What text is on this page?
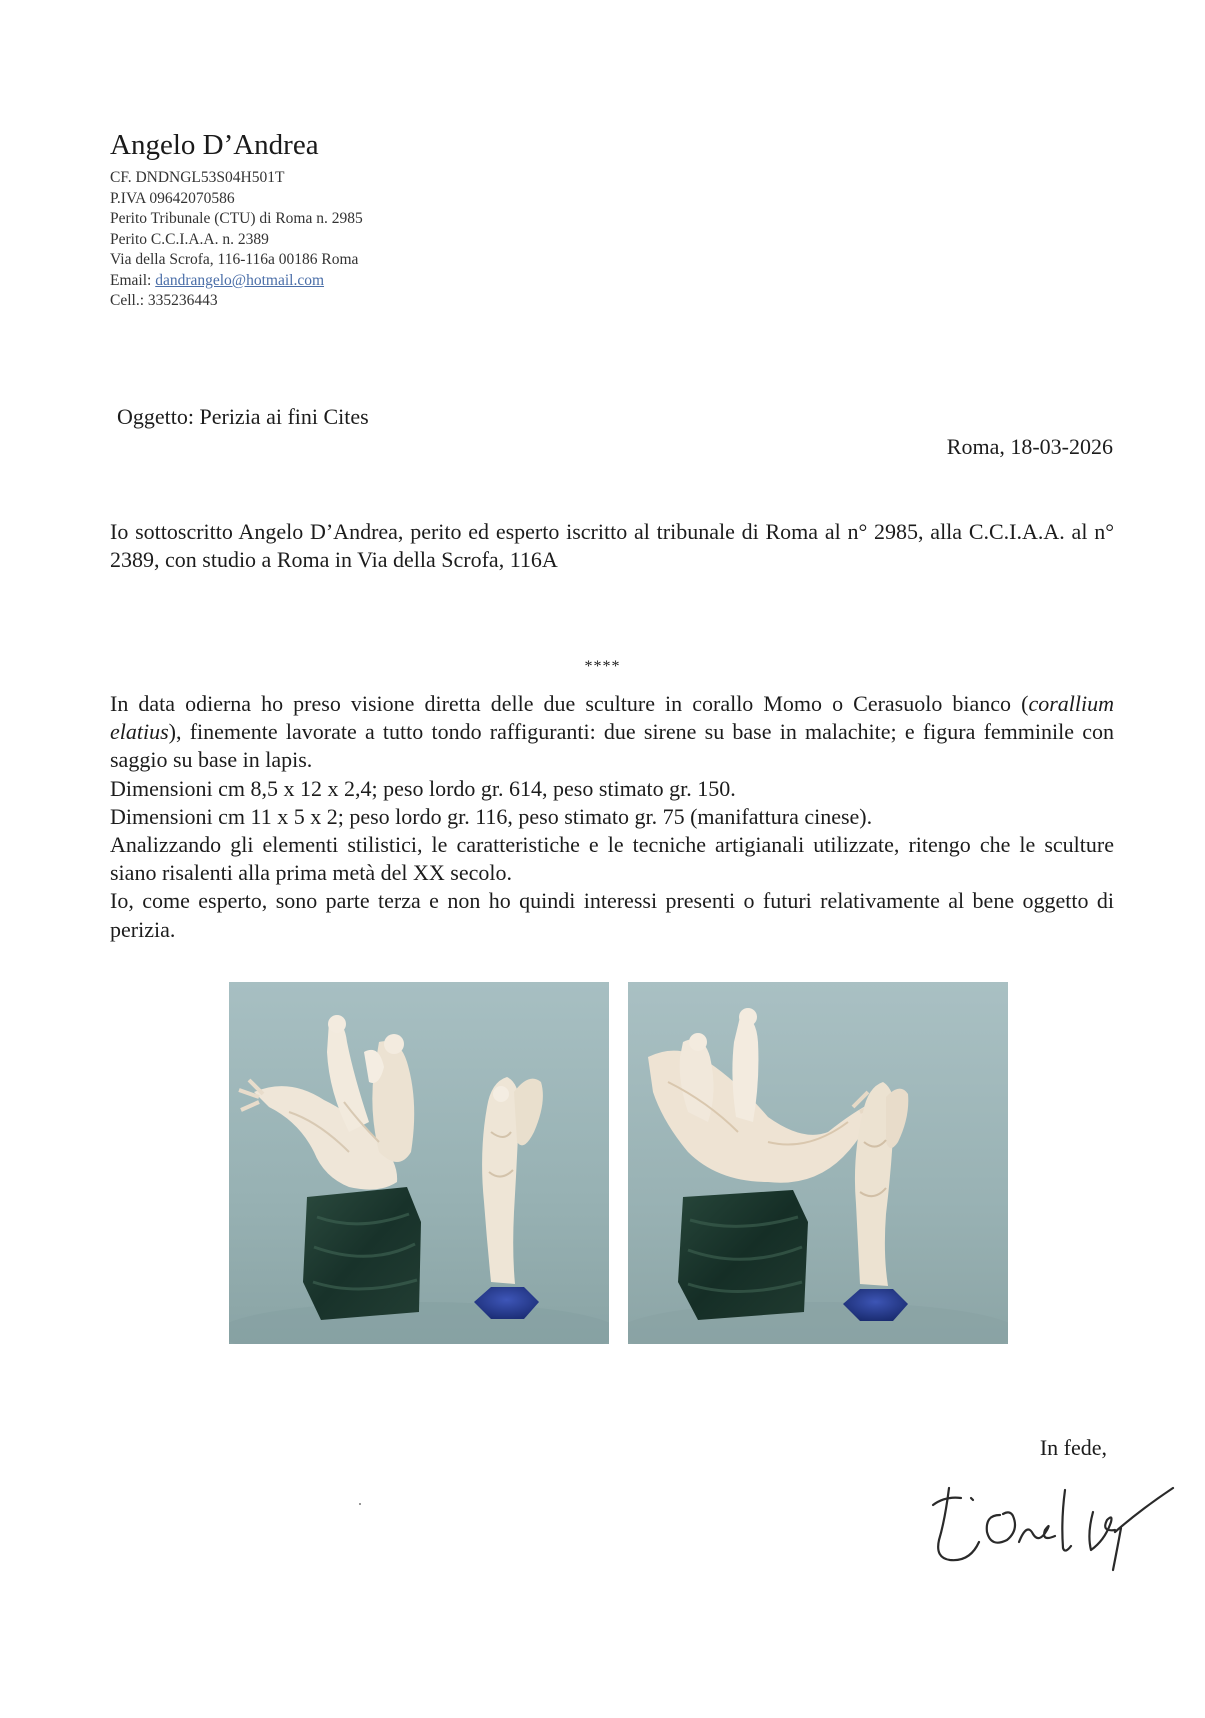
Angelo D’Andrea
CF. DNDNGL53S04H501T
P.IVA 09642070586
Perito Tribunale (CTU) di Roma n. 2985
Perito C.C.I.A.A. n. 2389
Via della Scrofa, 116-116a 00186 Roma
Email: dandrangelo@hotmail.com
Cell.: 335236443
Oggetto: Perizia ai fini Cites
Roma, 18-03-2026
Io sottoscritto Angelo D’Andrea, perito ed esperto iscritto al tribunale di Roma al n° 2985, alla C.C.I.A.A. al n° 2389, con studio a Roma in Via della Scrofa, 116A
****

In data odierna ho preso visione diretta delle due sculture in corallo Momo o Cerasuolo bianco (corallium elatius), finemente lavorate a tutto tondo raffiguranti: due sirene su base in malachite; e figura femminile con saggio su base in lapis.

Dimensioni cm 8,5 x 12 x 2,4; peso lordo gr. 614, peso stimato gr. 150.

Dimensioni cm 11 x 5 x 2; peso lordo gr. 116, peso stimato gr. 75 (manifattura cinese).

Analizzando gli elementi stilistici, le caratteristiche e le tecniche artigianali utilizzate, ritengo che le sculture siano risalenti alla prima metà del XX secolo.

Io, come esperto, sono parte terza e non ho quindi interessi presenti o futuri relativamente al bene oggetto di perizia.

In fede,
